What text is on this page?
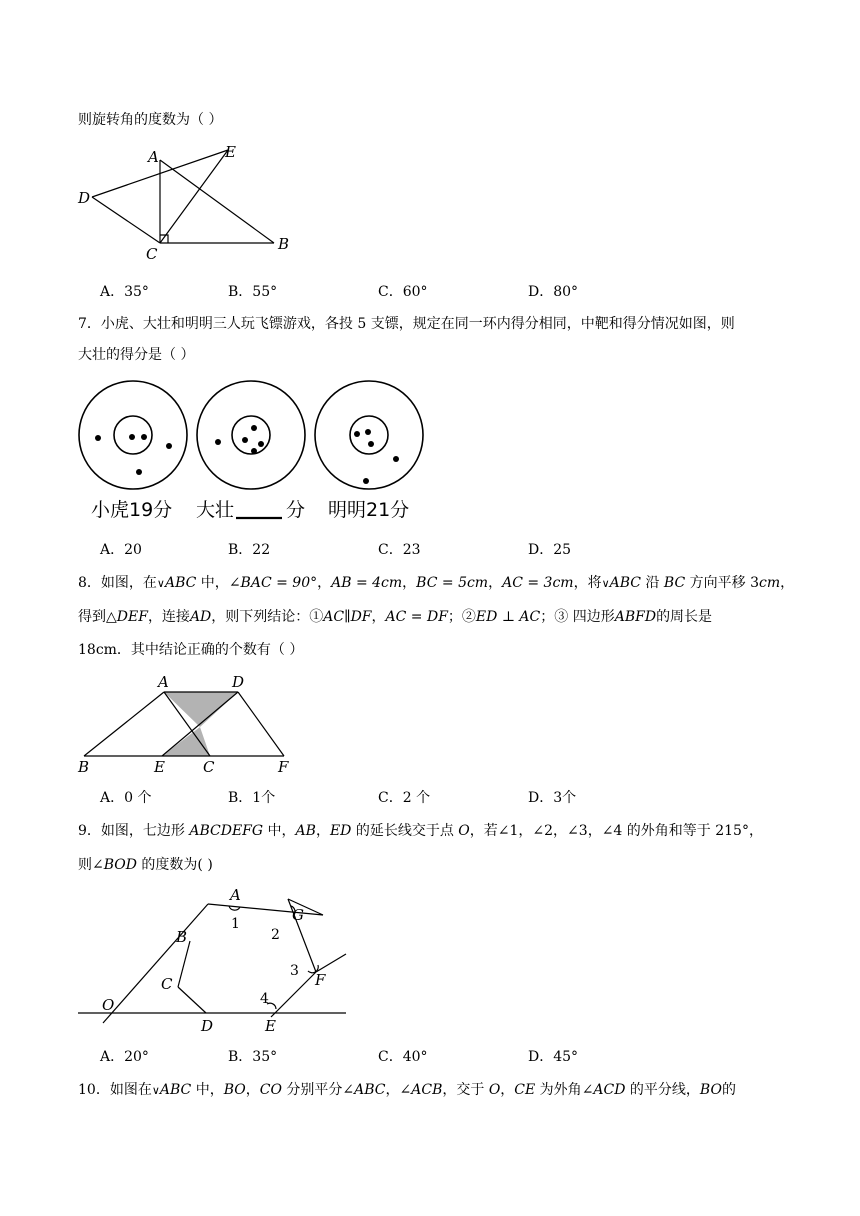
则旋转角的度数为（ ）
A	E
D
C
B
A．35°	B．55°	C．60°	D．80°
7．小虎、大壮和明明三人玩飞镖游戏，各投 5 支镖，规定在同一环内得分相同，中靶和得分情况如图，则
大壮的得分是（ ）
小虎19分 大壮	分 明明21分
A．20	B．22	C．23	D．25
8．如图，在∨ABC 中，∠BAC = 90°，AB = 4cm，BC = 5cm，AC = 3cm，将∨ABC 沿 BC 方向平移 3cm，
得到△DEF，连接AD，则下列结论：①AC∥DF，AC = DF；②ED ⊥ AC；③ 四边形ABFD的周长是
18cm．其中结论正确的个数有（ ）
A	D
B	E	C	F
A．0 个	B．1个	C．2 个	D．3个
9．如图，七边形 ABCDEFG 中，AB，ED 的延长线交于点 O，若∠1，∠2，∠3，∠4 的外角和等于 215°，
则∠BOD 的度数为( )
A
G
B
1
2
C
3 F
O	4
D	E
A．20°	B．35°	C．40°	D．45°
10．如图在∨ABC 中，BO，CO 分别平分∠ABC，∠ACB，交于 O，CE 为外角∠ACD 的平分线，BO的
